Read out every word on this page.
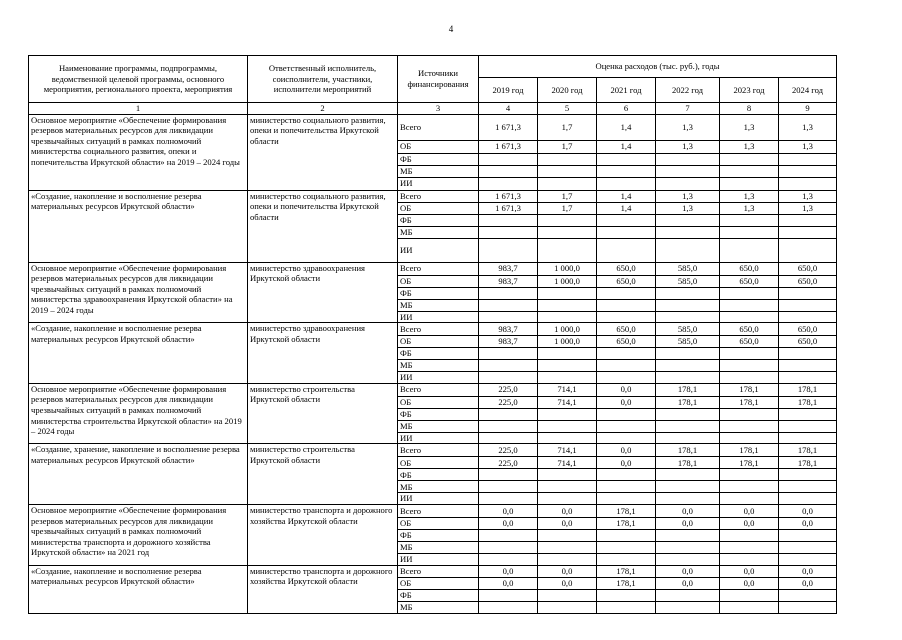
4
Наименование программы, подпрограммы, ведомственной целевой программы, основного мероприятия, регионального проекта, мероприятия	Ответственный исполнитель, соисполнители, участники, исполнители мероприятий	Источники финансирования	Оценка расходов (тыс. руб.), годы					
			2019 год	2020 год	2021 год	2022 год	2023 год	2024 год
1	2	3	4	5	6	7	8	9
Основное мероприятие «Обеспечение формирования резервов материальных ресурсов для ликвидации чрезвычайных ситуаций в рамках полномочий министерства социального развития, опеки и попечительства Иркутской области» на 2019 – 2024 годы	министерство социального развития, опеки и попечительства Иркутской области	Всего	1 671,3	1,7	1,4	1,3	1,3	1,3
		ОБ	1 671,3	1,7	1,4	1,3	1,3	1,3
		ФБ						
		МБ						
		ИИ						
«Создание, накопление и восполнение резерва материальных ресурсов Иркутской области»	министерство социального развития, опеки и попечительства Иркутской области	Всего	1 671,3	1,7	1,4	1,3	1,3	1,3
		ОБ	1 671,3	1,7	1,4	1,3	1,3	1,3
		ФБ						
		МБ						
		ИИ						
Основное мероприятие «Обеспечение формирования резервов материальных ресурсов для ликвидации чрезвычайных ситуаций в рамках полномочий министерства здравоохранения Иркутской области» на 2019 – 2024 годы	министерство здравоохранения Иркутской области	Всего	983,7	1 000,0	650,0	585,0	650,0	650,0
		ОБ	983,7	1 000,0	650,0	585,0	650,0	650,0
		ФБ						
		МБ						
		ИИ						
«Создание, накопление и восполнение резерва материальных ресурсов Иркутской области»	министерство здравоохранения Иркутской области	Всего	983,7	1 000,0	650,0	585,0	650,0	650,0
		ОБ	983,7	1 000,0	650,0	585,0	650,0	650,0
		ФБ						
		МБ						
		ИИ						
Основное мероприятие «Обеспечение формирования резервов материальных ресурсов для ликвидации чрезвычайных ситуаций в рамках полномочий министерства строительства Иркутской области» на 2019 – 2024 годы	министерство строительства Иркутской области	Всего	225,0	714,1	0,0	178,1	178,1	178,1
		ОБ	225,0	714,1	0,0	178,1	178,1	178,1
		ФБ						
		МБ						
		ИИ						
«Создание, хранение, накопление и восполнение резерва материальных ресурсов Иркутской области»	министерство строительства Иркутской области	Всего	225,0	714,1	0,0	178,1	178,1	178,1
		ОБ	225,0	714,1	0,0	178,1	178,1	178,1
		ФБ						
		МБ						
		ИИ						
Основное мероприятие «Обеспечение формирования резервов материальных ресурсов для ликвидации чрезвычайных ситуаций в рамках полномочий министерства транспорта и дорожного хозяйства Иркутской области» на 2021 год	министерство транспорта и дорожного хозяйства Иркутской области	Всего	0,0	0,0	178,1	0,0	0,0	0,0
		ОБ	0,0	0,0	178,1	0,0	0,0	0,0
		ФБ						
		МБ						
		ИИ						
«Создание, накопление и восполнение резерва материальных ресурсов Иркутской области»	министерство транспорта и дорожного хозяйства Иркутской области	Всего	0,0	0,0	178,1	0,0	0,0	0,0
		ОБ	0,0	0,0	178,1	0,0	0,0	0,0
		ФБ						
		МБ						
